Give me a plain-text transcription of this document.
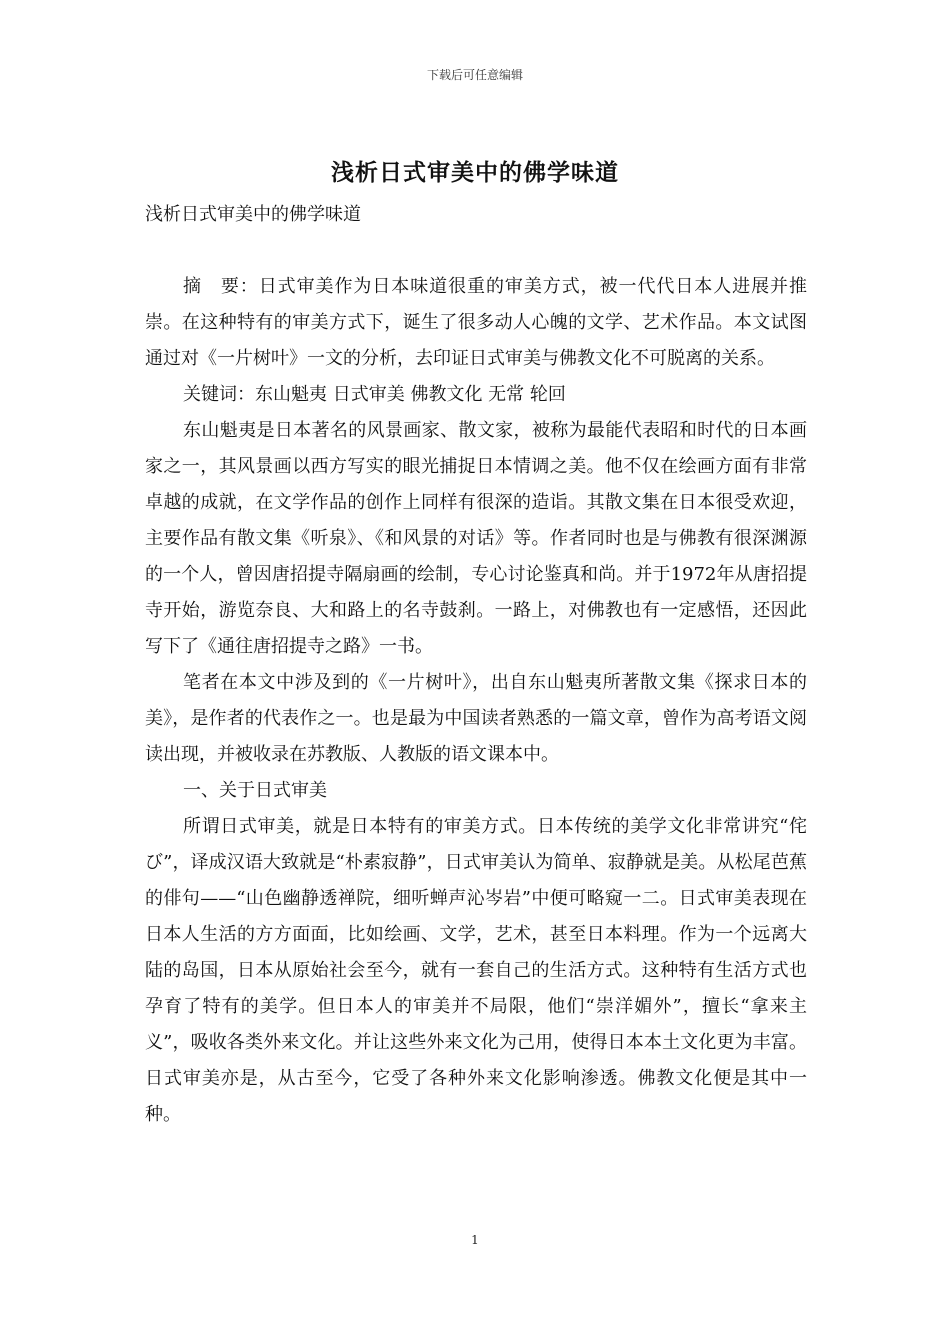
下载后可任意编辑
浅析日式审美中的佛学味道

浅析日式审美中的佛学味道

摘　要：日式审美作为日本味道很重的审美方式，被一代代日本人进展并推崇。在这种特有的审美方式下，诞生了很多动人心魄的文学、艺术作品。本文试图通过对《一片树叶》一文的分析，去印证日式审美与佛教文化不可脱离的关系。

关键词：东山魁夷 日式审美 佛教文化 无常 轮回

东山魁夷是日本著名的风景画家、散文家，被称为最能代表昭和时代的日本画家之一，其风景画以西方写实的眼光捕捉日本情调之美。他不仅在绘画方面有非常卓越的成就，在文学作品的创作上同样有很深的造诣。其散文集在日本很受欢迎，主要作品有散文集《听泉》、《和风景的对话》等。作者同时也是与佛教有很深渊源的一个人，曾因唐招提寺隔扇画的绘制，专心讨论鉴真和尚。并于1972年从唐招提寺开始，游览奈良、大和路上的名寺鼓刹。一路上，对佛教也有一定感悟，还因此写下了《通往唐招提寺之路》一书。

笔者在本文中涉及到的《一片树叶》，出自东山魁夷所著散文集《探求日本的美》，是作者的代表作之一。也是最为中国读者熟悉的一篇文章，曾作为高考语文阅读出现，并被收录在苏教版、人教版的语文课本中。

一、关于日式审美

所谓日式审美，就是日本特有的审美方式。日本传统的美学文化非常讲究“侘び”，译成汉语大致就是“朴素寂静”，日式审美认为简单、寂静就是美。从松尾芭蕉的俳句——“山色幽静透禅院，细听蝉声沁岑岩”中便可略窥一二。日式审美表现在日本人生活的方方面面，比如绘画、文学，艺术，甚至日本料理。作为一个远离大陆的岛国，日本从原始社会至今，就有一套自己的生活方式。这种特有生活方式也孕育了特有的美学。但日本人的审美并不局限，他们“崇洋媚外”，擅长“拿来主义”，吸收各类外来文化。并让这些外来文化为己用，使得日本本土文化更为丰富。日式审美亦是，从古至今，它受了各种外来文化影响渗透。佛教文化便是其中一种。

1
